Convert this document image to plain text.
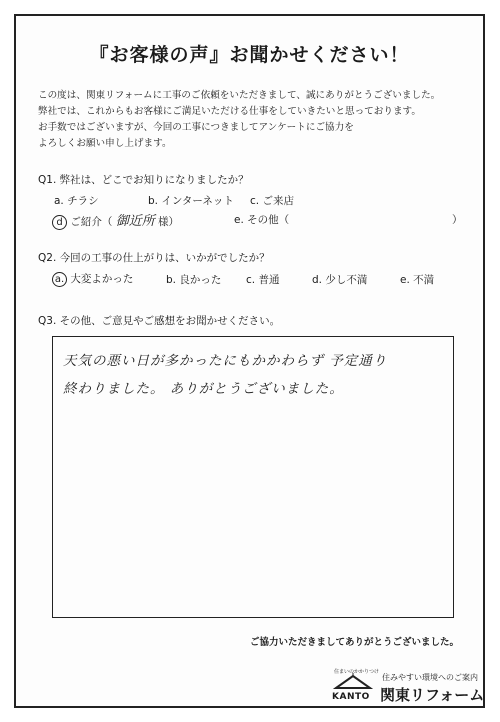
『お客様の声』お聞かせください！

この度は、関東リフォームに工事のご依頼をいただきまして、誠にありがとうございました。

弊社では、これからもお客様にご満足いただける仕事をしていきたいと思っております。

お手数ではございますが、今回の工事につきましてアンケートにご協力を

よろしくお願い申し上げます。

Q1. 弊社は、どこでお知りになりましたか？
a. チラシ	b. インターネット c. ご来店
d ご紹介（ 御近所 様）	e. その他（	）
Q2. 今回の工事の仕上がりは、いかがでしたか？
a. 大変よかった	b. 良かった c. 普通	d. 少し不満	e. 不満
Q3. その他、ご意見やご感想をお聞かせください。
天気の悪い日が多かったにもかかわらず 予定通り
終わりました。 ありがとうございました。
ご協力いただきましてありがとうございました。
住まいのかかりつけ
KANTO
住みやすい環境へのご案内
関東リフォーム
